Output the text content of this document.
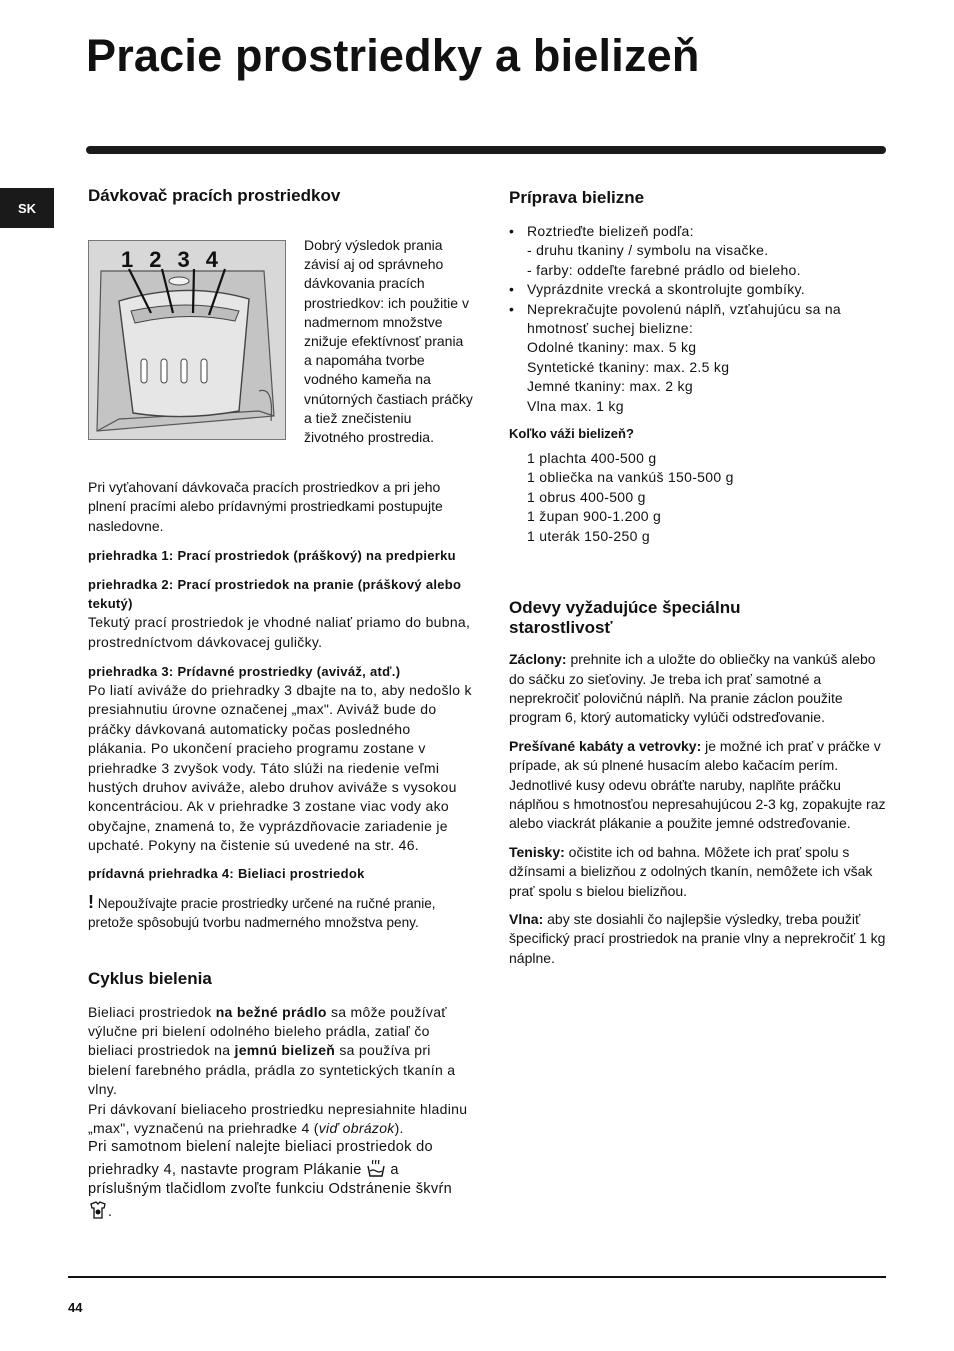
Pracie prostriedky a bielizeň
SK
Dávkovač pracích prostriedkov
1234

Dobrý výsledok prania závisí aj od správneho dávkovania pracích prostriedkov: ich použitie v nadmernom množstve znižuje efektívnosť prania a napomáha tvorbe vodného kameňa na vnútorných častiach práčky a tiež znečisteniu životného prostredia.

Pri vyťahovaní dávkovača pracích prostriedkov a pri jeho plnení pracími alebo prídavnými prostriedkami postupujte nasledovne.

priehradka 1: Prací prostriedok (práškový) na predpierku

priehradka 2: Prací prostriedok na pranie (práškový alebo tekutý)

Tekutý prací prostriedok je vhodné naliať priamo do bubna, prostredníctvom dávkovacej guličky.

priehradka 3: Prídavné prostriedky (aviváž, atď.)

Po liatí aviváže do priehradky 3 dbajte na to, aby nedošlo k presiahnutiu úrovne označenej „max". Aviváž bude do práčky dávkovaná automaticky počas posledného plákania. Po ukončení pracieho programu zostane v priehradke 3 zvyšok vody. Táto slúži na riedenie veľmi hustých druhov aviváže, alebo druhov aviváže s vysokou koncentráciou. Ak v priehradke 3 zostane viac vody ako obyčajne, znamená to, že vyprázdňovacie zariadenie je upchaté. Pokyny na čistenie sú uvedené na str. 46.

prídavná priehradka 4: Bieliaci prostriedok

! Nepoužívajte pracie prostriedky určené na ručné pranie, pretože spôsobujú tvorbu nadmerného množstva peny.

Cyklus bielenia

Bieliaci prostriedok na bežné prádlo sa môže používať výlučne pri bielení odolného bieleho prádla, zatiaľ čo bieliaci prostriedok na jemnú bielizeň sa používa pri bielení farebného prádla, prádla zo syntetických tkanín a vlny.

Pri dávkovaní bieliaceho prostriedku nepresiahnite hladinu „max", vyznačenú na priehradke 4 (viď obrázok).

Pri samotnom bielení nalejte bieliaci prostriedok do priehradky 4, nastavte program Plákanie  a príslušným tlačidlom zvoľte funkciu Odstránenie škvŕn .

Príprava bielizne
• Roztrieďte bielizeň podľa:
- druhu tkaniny / symbolu na visačke.
- farby: oddeľte farebné prádlo od bieleho.
• Vyprázdnite vrecká a skontrolujte gombíky.
• Neprekračujte povolenú náplň, vzťahujúcu sa na hmotnosť suchej bielizne:
Odolné tkaniny: max. 5 kg
Syntetické tkaniny: max. 2.5 kg
Jemné tkaniny: max. 2 kg
Vlna max. 1 kg

Koľko váži bielizeň?

1 plachta 400-500 g
1 obliečka na vankúš 150-500 g
1 obrus 400-500 g
1 župan 900-1.200 g
1 uterák 150-250 g
Odevy vyžadujúce špeciálnu starostlivosť

Záclony: prehnite ich a uložte do obliečky na vankúš alebo do sáčku zo sieťoviny. Je treba ich prať samotné a neprekročiť polovičnú náplň. Na pranie záclon použite program 6, ktorý automaticky vylúči odstreďovanie.

Prešívané kabáty a vetrovky: je možné ich prať v práčke v prípade, ak sú plnené husacím alebo kačacím perím. Jednotlivé kusy odevu obráťte naruby, naplňte práčku náplňou s hmotnosťou nepresahujúcou 2-3 kg, zopakujte raz alebo viackrát plákanie a použite jemné odstreďovanie.

Tenisky: očistite ich od bahna. Môžete ich prať spolu s džínsami a bielizňou z odolných tkanín, nemôžete ich však prať spolu s bielou bielizňou.

Vlna: aby ste dosiahli čo najlepšie výsledky, treba použiť špecifický prací prostriedok na pranie vlny a neprekročiť 1 kg náplne.

44
